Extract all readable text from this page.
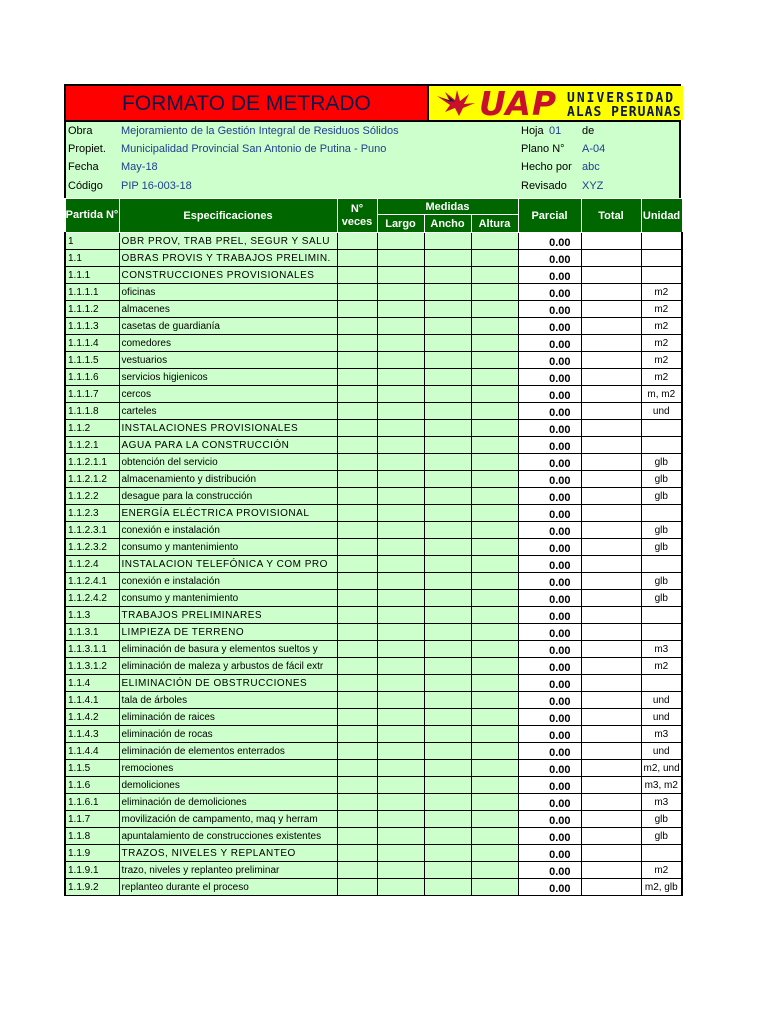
FORMATO DE METRADO	UAP UNIVERSIDAD
ALAS PERUANAS
Obra	Mejoramiento de la Gestión Integral de Residuos Sólidos	Hoja 01 de
Propiet. Municipalidad Provincial San Antonio de Putina - Puno	Plano N° A-04
Fecha May-18	Hecho por abc
Código PIP 16-003-18	Revisado XYZ
Partida N°	Especificaciones	N° veces	Medidas			Parcial	Total	Unidad
			Largo	Ancho	Altura			
1	OBR PROV, TRAB PREL, SEGUR Y SALU					0.00		
1.1	OBRAS PROVIS Y TRABAJOS PRELIMIN.					0.00		
1.1.1	CONSTRUCCIONES PROVISIONALES					0.00		
1.1.1.1	oficinas					0.00		m2
1.1.1.2	almacenes					0.00		m2
1.1.1.3	casetas de guardianía					0.00		m2
1.1.1.4	comedores					0.00		m2
1.1.1.5	vestuarios					0.00		m2
1.1.1.6	servicios higienicos					0.00		m2
1.1.1.7	cercos					0.00		m, m2
1.1.1.8	carteles					0.00		und
1.1.2	INSTALACIONES PROVISIONALES					0.00		
1.1.2.1	AGUA PARA LA CONSTRUCCIÓN					0.00		
1.1.2.1.1	obtención del servicio					0.00		glb
1.1.2.1.2	almacenamiento y distribución					0.00		glb
1.1.2.2	desague para la construcción					0.00		glb
1.1.2.3	ENERGÍA ELÉCTRICA PROVISIONAL					0.00		
1.1.2.3.1	conexión e instalación					0.00		glb
1.1.2.3.2	consumo y mantenimiento					0.00		glb
1.1.2.4	INSTALACION TELEFÓNICA Y COM PRO					0.00		
1.1.2.4.1	conexión e instalación					0.00		glb
1.1.2.4.2	consumo y mantenimiento					0.00		glb
1.1.3	TRABAJOS PRELIMINARES					0.00		
1.1.3.1	LIMPIEZA DE TERRENO					0.00		
1.1.3.1.1	eliminación de basura y elementos sueltos y					0.00		m3
1.1.3.1.2	eliminación de maleza y arbustos de fácil extr					0.00		m2
1.1.4	ELIMINACIÓN DE OBSTRUCCIONES					0.00		
1.1.4.1	tala de árboles					0.00		und
1.1.4.2	eliminación de raices					0.00		und
1.1.4.3	eliminación de rocas					0.00		m3
1.1.4.4	eliminación de elementos enterrados					0.00		und
1.1.5	remociones					0.00		m2, und
1.1.6	demoliciones					0.00		m3, m2
1.1.6.1	eliminación de demoliciones					0.00		m3
1.1.7	movilización de campamento, maq y herram					0.00		glb
1.1.8	apuntalamiento de construcciones existentes					0.00		glb
1.1.9	TRAZOS, NIVELES Y REPLANTEO					0.00		
1.1.9.1	trazo, niveles y replanteo preliminar					0.00		m2
1.1.9.2	replanteo durante el proceso					0.00		m2, glb
